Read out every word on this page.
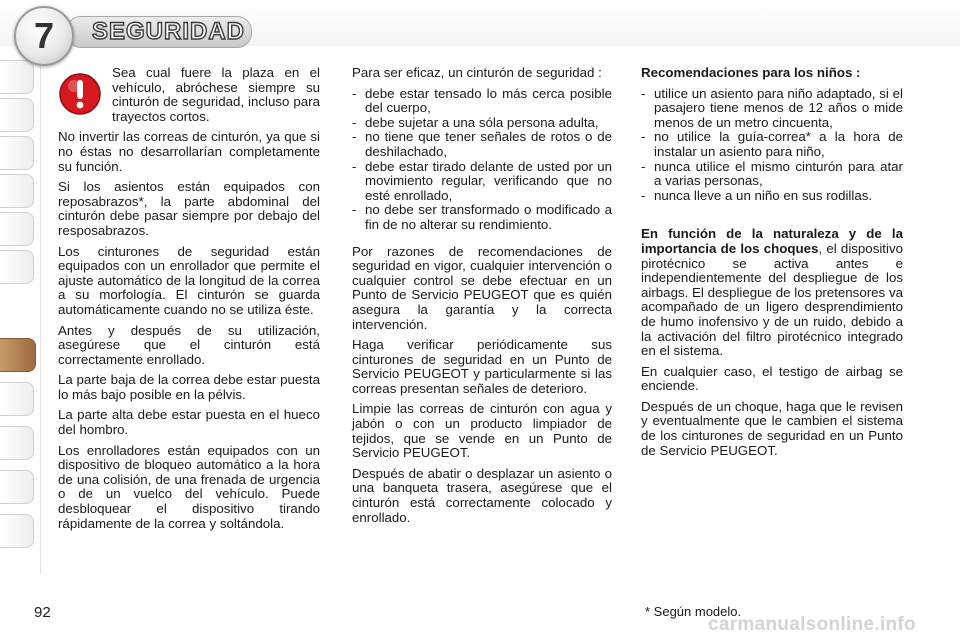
7	SEGURIDAD

Sea cual fuere la plaza en el vehículo, abróchese siempre su cinturón de seguridad, incluso para trayectos cortos.

No invertir las correas de cinturón, ya que si no éstas no desarrollarían completamente su función.

Si los asientos están equipados con reposabrazos*, la parte abdominal del cinturón debe pasar siempre por debajo del resposabrazos.

Los cinturones de seguridad están equipados con un enrollador que permite el ajuste automático de la longitud de la correa a su morfología. El cinturón se guarda automáticamente cuando no se utiliza éste.

Antes y después de su utilización, asegúrese que el cinturón está correctamente enrollado.

La parte baja de la correa debe estar puesta lo más bajo posible en la pélvis.

La parte alta debe estar puesta en el hueco del hombro.

Los enrolladores están equipados con un dispositivo de bloqueo automático a la hora de una colisión, de una frenada de urgencia o de un vuelco del vehículo. Puede desbloquear el dispositivo tirando rápidamente de la correa y soltándola.

Para ser eficaz, un cinturón de seguridad :

- debe estar tensado lo más cerca posible del cuerpo,
- debe sujetar a una sóla persona adulta,
- no tiene que tener señales de rotos o de deshilachado,
- debe estar tirado delante de usted por un movimiento regular, verificando que no esté enrollado,
- no debe ser transformado o modificado a fin de no alterar su rendimiento.

Por razones de recomendaciones de seguridad en vigor, cualquier intervención o cualquier control se debe efectuar en un Punto de Servicio PEUGEOT que es quién asegura la garantía y la correcta intervención.

Haga verificar periódicamente sus cinturones de seguridad en un Punto de Servicio PEUGEOT y particularmente si las correas presentan señales de deterioro.

Limpie las correas de cinturón con agua y jabón o con un producto limpiador de tejidos, que se vende en un Punto de Servicio PEUGEOT.

Después de abatir o desplazar un asiento o una banqueta trasera, asegúrese que el cinturón está correctamente colocado y enrollado.

Recomendaciones para los niños :
- utilice un asiento para niño adaptado, si el pasajero tiene menos de 12 años o mide menos de un metro cincuenta,
- no utilice la guía-correa* a la hora de instalar un asiento para niño,
- nunca utilice el mismo cinturón para atar a varias personas,
- nunca lleve a un niño en sus rodillas.

En función de la naturaleza y de la importancia de los choques, el dispositivo pirotécnico se activa antes e independientemente del despliegue de los airbags. El despliegue de los pretensores va acompañado de un ligero desprendimiento de humo inofensivo y de un ruido, debido a la activación del filtro pirotécnico integrado en el sistema.

En cualquier caso, el testigo de airbag se enciende.

Después de un choque, haga que le revisen y eventualmente que le cambien el sistema de los cinturones de seguridad en un Punto de Servicio PEUGEOT.

92	* Según modelo.
carmanualsonline.info
